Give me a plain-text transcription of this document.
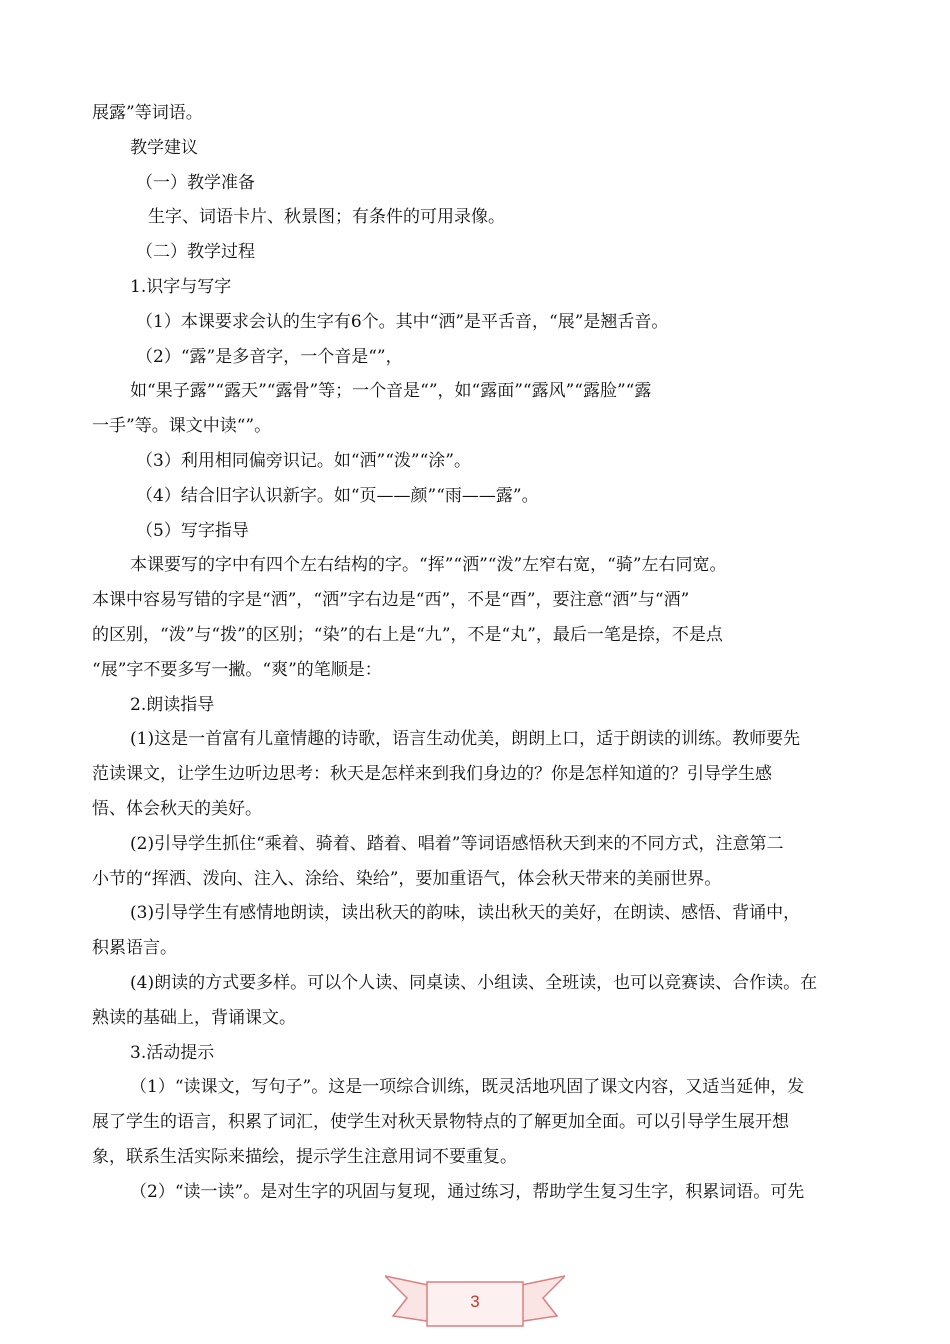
展露”等词语。

教学建议

（一）教学准备

生字、词语卡片、秋景图；有条件的可用录像。

（二）教学过程

1.识字与写字

（1）本课要求会认的生字有6个。其中“洒”是平舌音，“展”是翘舌音。

（2）“露”是多音字，一个音是“”，

如“果子露”“露天”“露骨”等；一个音是“”，如“露面”“露风”“露脸”“露

一手”等。课文中读“”。

（3）利用相同偏旁识记。如“洒”“泼”“涂”。

（4）结合旧字认识新字。如“页——颜”“雨——露”。

（5）写字指导

本课要写的字中有四个左右结构的字。“挥”“洒”“泼”左窄右宽，“骑”左右同宽。

本课中容易写错的字是“洒”，“洒”字右边是“西”，不是“酉”，要注意“洒”与“酒”

的区别，“泼”与“拨”的区别；“染”的右上是“九”，不是“丸”，最后一笔是捺，不是点

“展”字不要多写一撇。“爽”的笔顺是：

2.朗读指导

(1)这是一首富有儿童情趣的诗歌，语言生动优美，朗朗上口，适于朗读的训练。教师要先

范读课文，让学生边听边思考：秋天是怎样来到我们身边的？你是怎样知道的？引导学生感

悟、体会秋天的美好。

(2)引导学生抓住“乘着、骑着、踏着、唱着”等词语感悟秋天到来的不同方式，注意第二

小节的“挥洒、泼向、注入、涂给、染给”，要加重语气，体会秋天带来的美丽世界。

(3)引导学生有感情地朗读，读出秋天的韵味，读出秋天的美好，在朗读、感悟、背诵中，

积累语言。

(4)朗读的方式要多样。可以个人读、同桌读、小组读、全班读，也可以竞赛读、合作读。在

熟读的基础上，背诵课文。

3.活动提示

（1）“读课文，写句子”。这是一项综合训练，既灵活地巩固了课文内容，又适当延伸，发

展了学生的语言，积累了词汇，使学生对秋天景物特点的了解更加全面。可以引导学生展开想

象，联系生活实际来描绘，提示学生注意用词不要重复。

（2）“读一读”。是对生字的巩固与复现，通过练习，帮助学生复习生字，积累词语。可先

3
